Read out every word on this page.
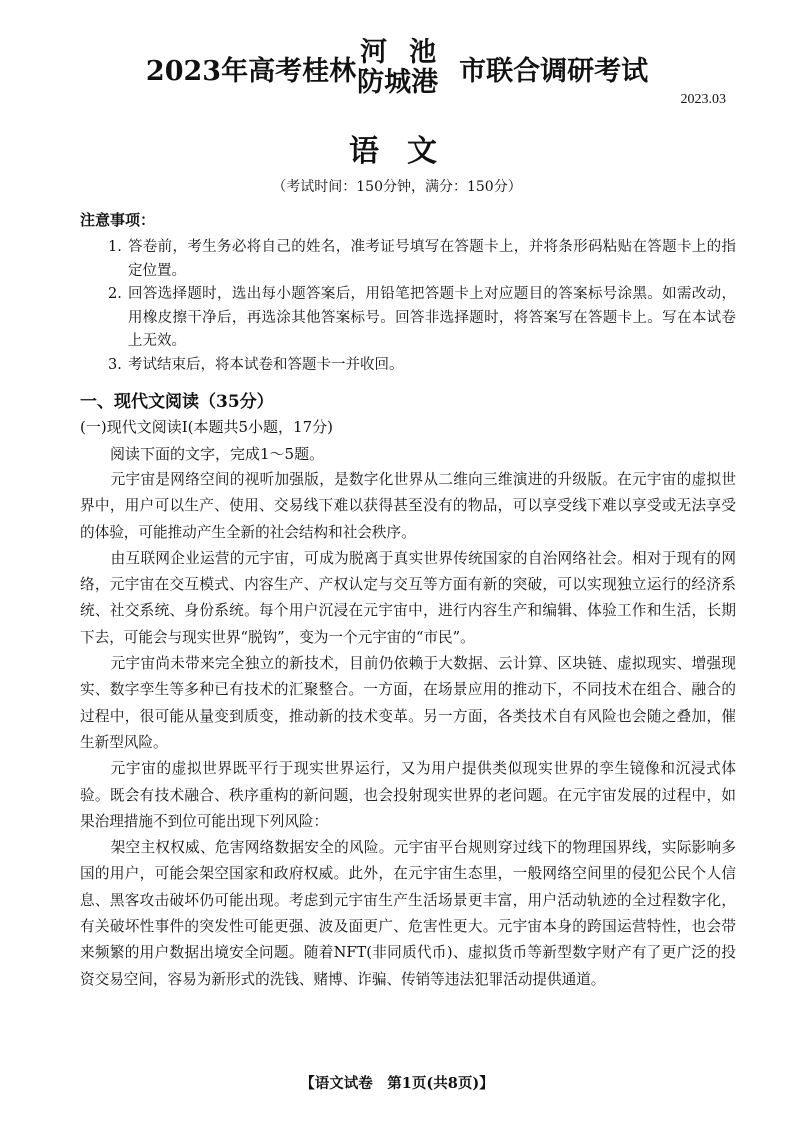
2023年高考桂林
河池
防城港 市联合调研考试
2023.03
语文
（考试时间：150分钟，满分：150分）
注意事项：
1. 答卷前，考生务必将自己的姓名，准考证号填写在答题卡上，并将条形码粘贴在答题卡上的指定位置。
2. 回答选择题时，选出每小题答案后，用铅笔把答题卡上对应题目的答案标号涂黑。如需改动，用橡皮擦干净后，再选涂其他答案标号。回答非选择题时，将答案写在答题卡上。写在本试卷上无效。
3. 考试结束后，将本试卷和答题卡一并收回。
一、现代文阅读（35分）
(一)现代文阅读Ⅰ(本题共5小题，17分)
阅读下面的文字，完成1～5题。

元宇宙是网络空间的视听加强版，是数字化世界从二维向三维演进的升级版。在元宇宙的虚拟世界中，用户可以生产、使用、交易线下难以获得甚至没有的物品，可以享受线下难以享受或无法享受的体验，可能推动产生全新的社会结构和社会秩序。

由互联网企业运营的元宇宙，可成为脱离于真实世界传统国家的自治网络社会。相对于现有的网络，元宇宙在交互模式、内容生产、产权认定与交互等方面有新的突破，可以实现独立运行的经济系统、社交系统、身份系统。每个用户沉浸在元宇宙中，进行内容生产和编辑、体验工作和生活，长期下去，可能会与现实世界“脱钩”，变为一个元宇宙的“市民”。

元宇宙尚未带来完全独立的新技术，目前仍依赖于大数据、云计算、区块链、虚拟现实、增强现实、数字孪生等多种已有技术的汇聚整合。一方面，在场景应用的推动下，不同技术在组合、融合的过程中，很可能从量变到质变，推动新的技术变革。另一方面，各类技术自有风险也会随之叠加，催生新型风险。

元宇宙的虚拟世界既平行于现实世界运行，又为用户提供类似现实世界的孪生镜像和沉浸式体验。既会有技术融合、秩序重构的新问题，也会投射现实世界的老问题。在元宇宙发展的过程中，如果治理措施不到位可能出现下列风险：

架空主权权威、危害网络数据安全的风险。元宇宙平台规则穿过线下的物理国界线，实际影响多国的用户，可能会架空国家和政府权威。此外，在元宇宙生态里，一般网络空间里的侵犯公民个人信息、黑客攻击破坏仍可能出现。考虑到元宇宙生产生活场景更丰富，用户活动轨迹的全过程数字化，有关破坏性事件的突发性可能更强、波及面更广、危害性更大。元宇宙本身的跨国运营特性，也会带来频繁的用户数据出境安全问题。随着NFT(非同质代币)、虚拟货币等新型数字财产有了更广泛的投资交易空间，容易为新形式的洗钱、赌博、诈骗、传销等违法犯罪活动提供通道。

【语文试卷　第1页(共8页)】
